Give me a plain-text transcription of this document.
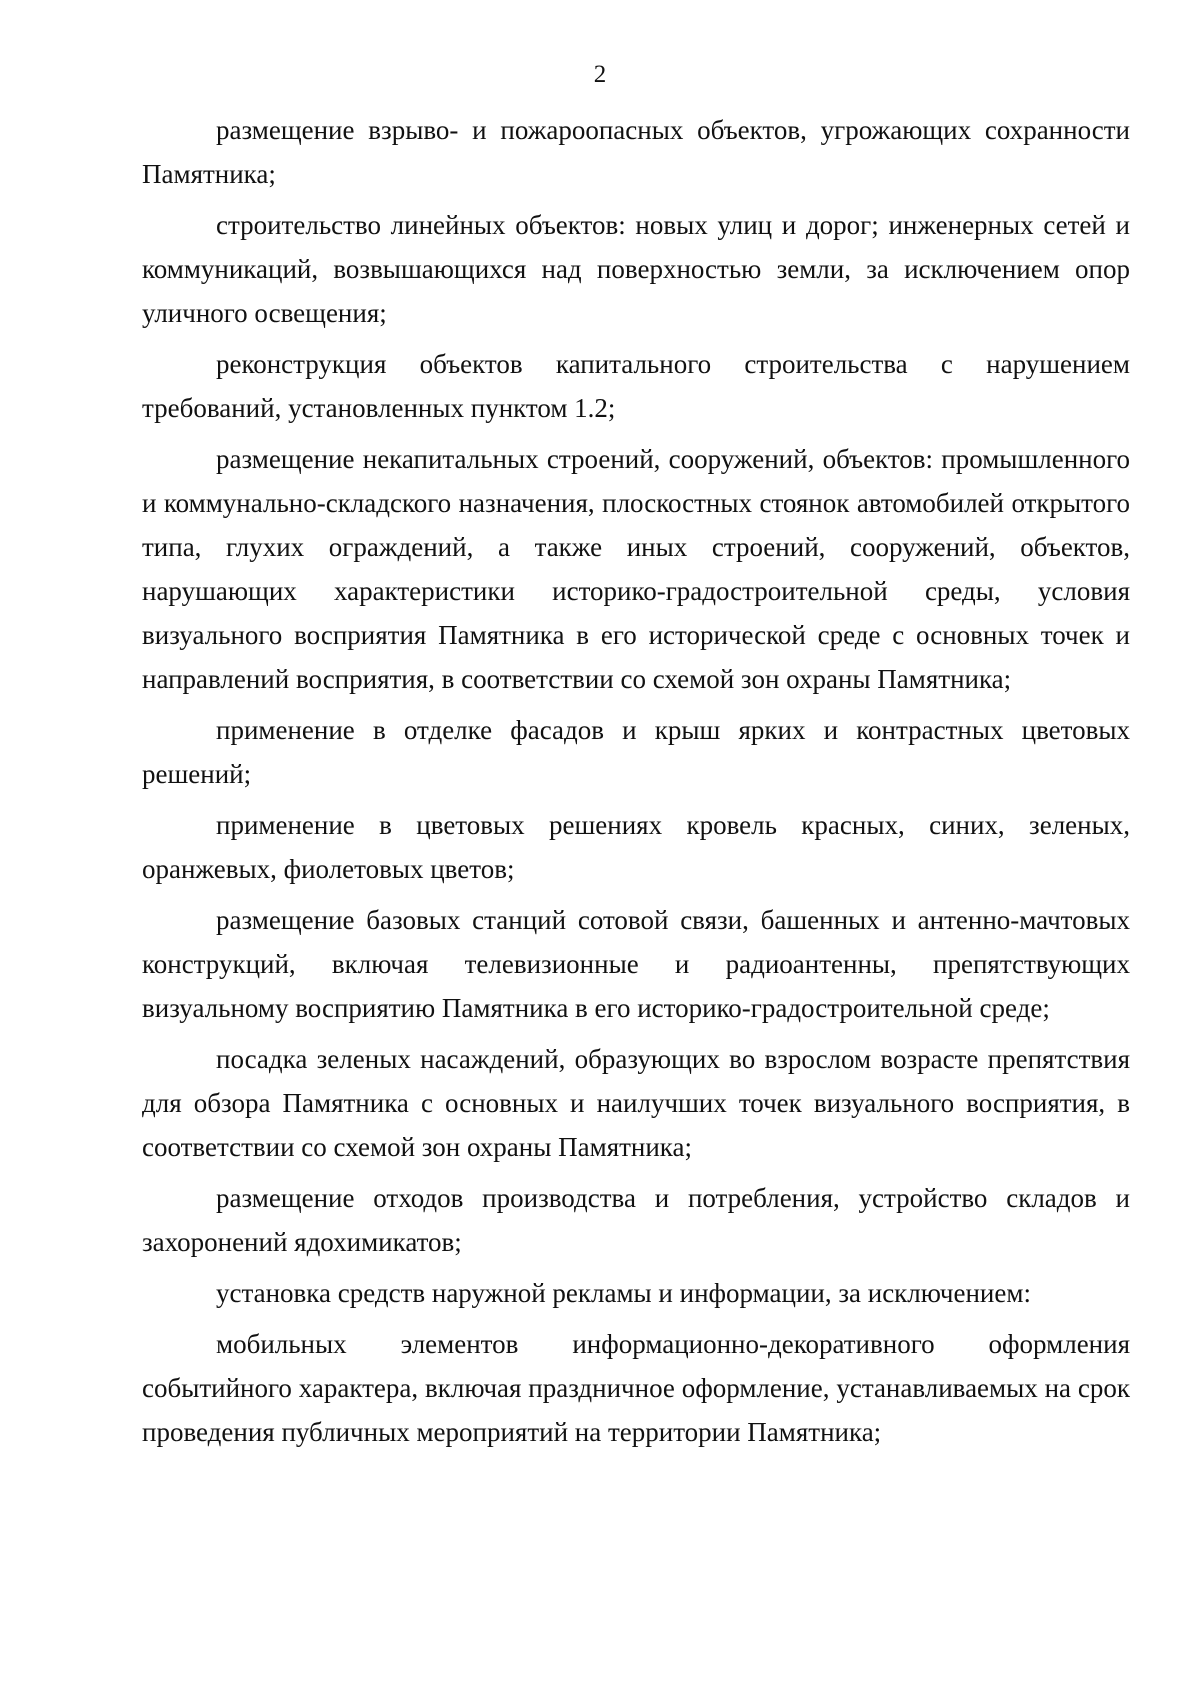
2

размещение взрыво- и пожароопасных объектов, угрожающих сохранности Памятника;

строительство линейных объектов: новых улиц и дорог; инженерных сетей и коммуникаций, возвышающихся над поверхностью земли, за исключением опор уличного освещения;

реконструкция объектов капитального строительства с нарушением требований, установленных пунктом 1.2;

размещение некапитальных строений, сооружений, объектов: промышленного и коммунально-складского назначения, плоскостных стоянок автомобилей открытого типа, глухих ограждений, а также иных строений, сооружений, объектов, нарушающих характеристики историко-градостроительной среды, условия визуального восприятия Памятника в его исторической среде с основных точек и направлений восприятия, в соответствии со схемой зон охраны Памятника;

применение в отделке фасадов и крыш ярких и контрастных цветовых решений;

применение в цветовых решениях кровель красных, синих, зеленых, оранжевых, фиолетовых цветов;

размещение базовых станций сотовой связи, башенных и антенно-мачтовых конструкций, включая телевизионные и радиоантенны, препятствующих визуальному восприятию Памятника в его историко-градостроительной среде;

посадка зеленых насаждений, образующих во взрослом возрасте препятствия для обзора Памятника с основных и наилучших точек визуального восприятия, в соответствии со схемой зон охраны Памятника;

размещение отходов производства и потребления, устройство складов и захоронений ядохимикатов;

установка средств наружной рекламы и информации, за исключением:

мобильных элементов информационно-декоративного оформления событийного характера, включая праздничное оформление, устанавливаемых на срок проведения публичных мероприятий на территории Памятника;
